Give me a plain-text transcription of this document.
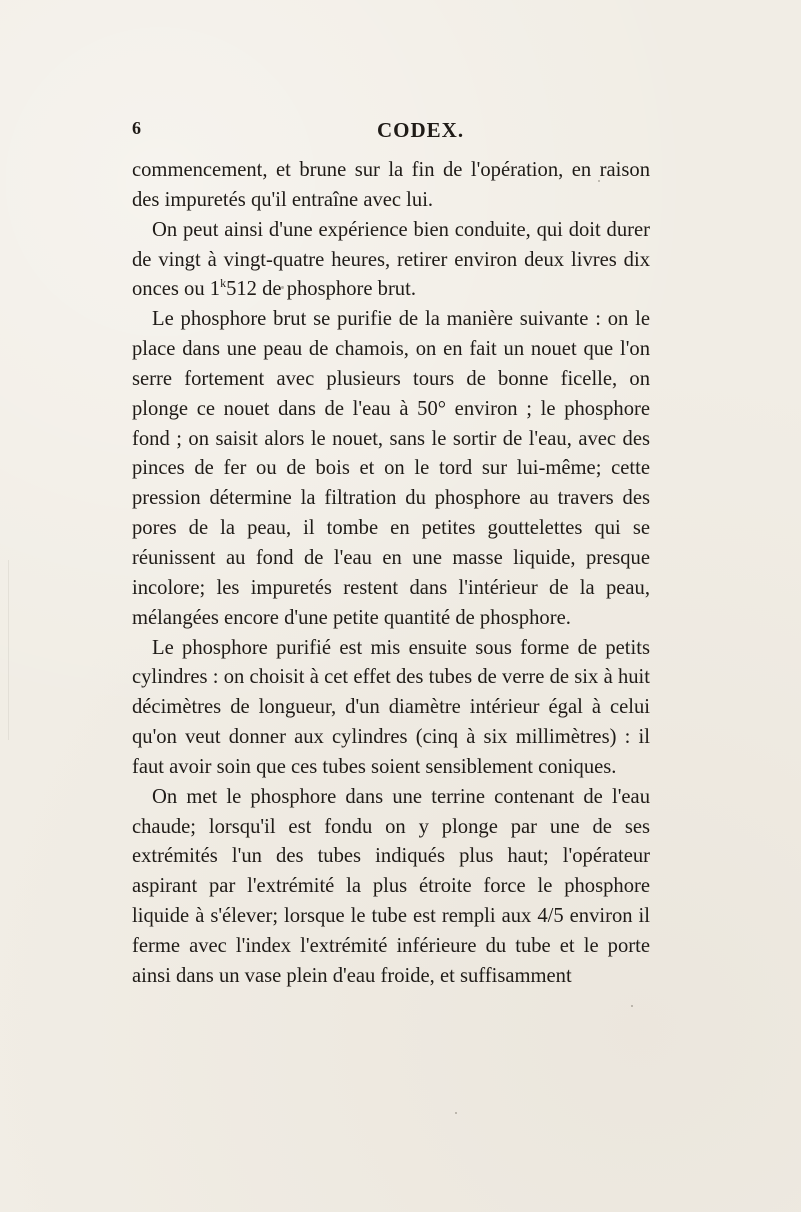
6	CODEX.

commencement, et brune sur la fin de l'opération, en raison des impuretés qu'il entraîne avec lui.

On peut ainsi d'une expérience bien conduite, qui doit durer de vingt à vingt-quatre heures, retirer environ deux livres dix onces ou 1$^k$512 de phosphore brut.

Le phosphore brut se purifie de la manière suivante : on le place dans une peau de chamois, on en fait un nouet que l'on serre fortement avec plusieurs tours de bonne ficelle, on plonge ce nouet dans de l'eau à 50° environ ; le phosphore fond ; on saisit alors le nouet, sans le sortir de l'eau, avec des pinces de fer ou de bois et on le tord sur lui-même; cette pression détermine la filtration du phosphore au travers des pores de la peau, il tombe en petites gouttelettes qui se réunissent au fond de l'eau en une masse liquide, presque incolore; les impuretés restent dans l'intérieur de la peau, mélangées encore d'une petite quantité de phosphore.

Le phosphore purifié est mis ensuite sous forme de petits cylindres : on choisit à cet effet des tubes de verre de six à huit décimètres de longueur, d'un diamètre intérieur égal à celui qu'on veut donner aux cylindres (cinq à six millimètres) : il faut avoir soin que ces tubes soient sensiblement coniques.

On met le phosphore dans une terrine contenant de l'eau chaude; lorsqu'il est fondu on y plonge par une de ses extrémités l'un des tubes indiqués plus haut; l'opérateur aspirant par l'extrémité la plus étroite force le phosphore liquide à s'élever; lorsque le tube est rempli aux 4/5 environ il ferme avec l'index l'extrémité inférieure du tube et le porte ainsi dans un vase plein d'eau froide, et suffisamment
